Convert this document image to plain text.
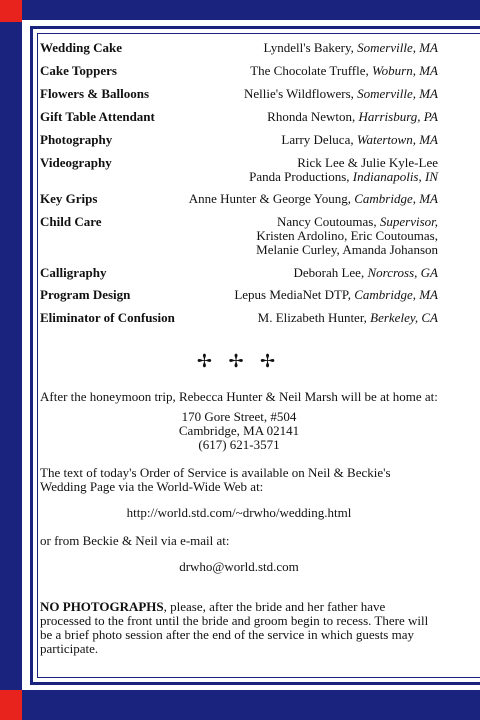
Wedding Cake	Lyndell's Bakery, Somerville, MA
Cake Toppers	The Chocolate Truffle, Woburn, MA
Flowers & Balloons	Nellie's Wildflowers, Somerville, MA
Gift Table Attendant	Rhonda Newton, Harrisburg, PA
Photography	Larry Deluca, Watertown, MA
Videography	Rick Lee & Julie Kyle-Lee
Panda Productions, Indianapolis, IN
Key Grips	Anne Hunter & George Young, Cambridge, MA
Child Care	Nancy Coutoumas, Supervisor,
Kristen Ardolino, Eric Coutoumas,
Melanie Curley, Amanda Johanson
Calligraphy	Deborah Lee, Norcross, GA
Program Design	Lepus MediaNet DTP, Cambridge, MA
Eliminator of Confusion	M. Elizabeth Hunter, Berkeley, CA
✢ ✢ ✢

After the honeymoon trip, Rebecca Hunter & Neil Marsh will be at home at:

170 Gore Street, #504
Cambridge, MA 02141
(617) 621-3571

The text of today's Order of Service is available on Neil & Beckie's Wedding Page via the World-Wide Web at:

http://world.std.com/~drwho/wedding.html

or from Beckie & Neil via e-mail at:

drwho@world.std.com

NO PHOTOGRAPHS, please, after the bride and her father have processed to the front until the bride and groom begin to recess. There will be a brief photo session after the end of the service in which guests may participate.
